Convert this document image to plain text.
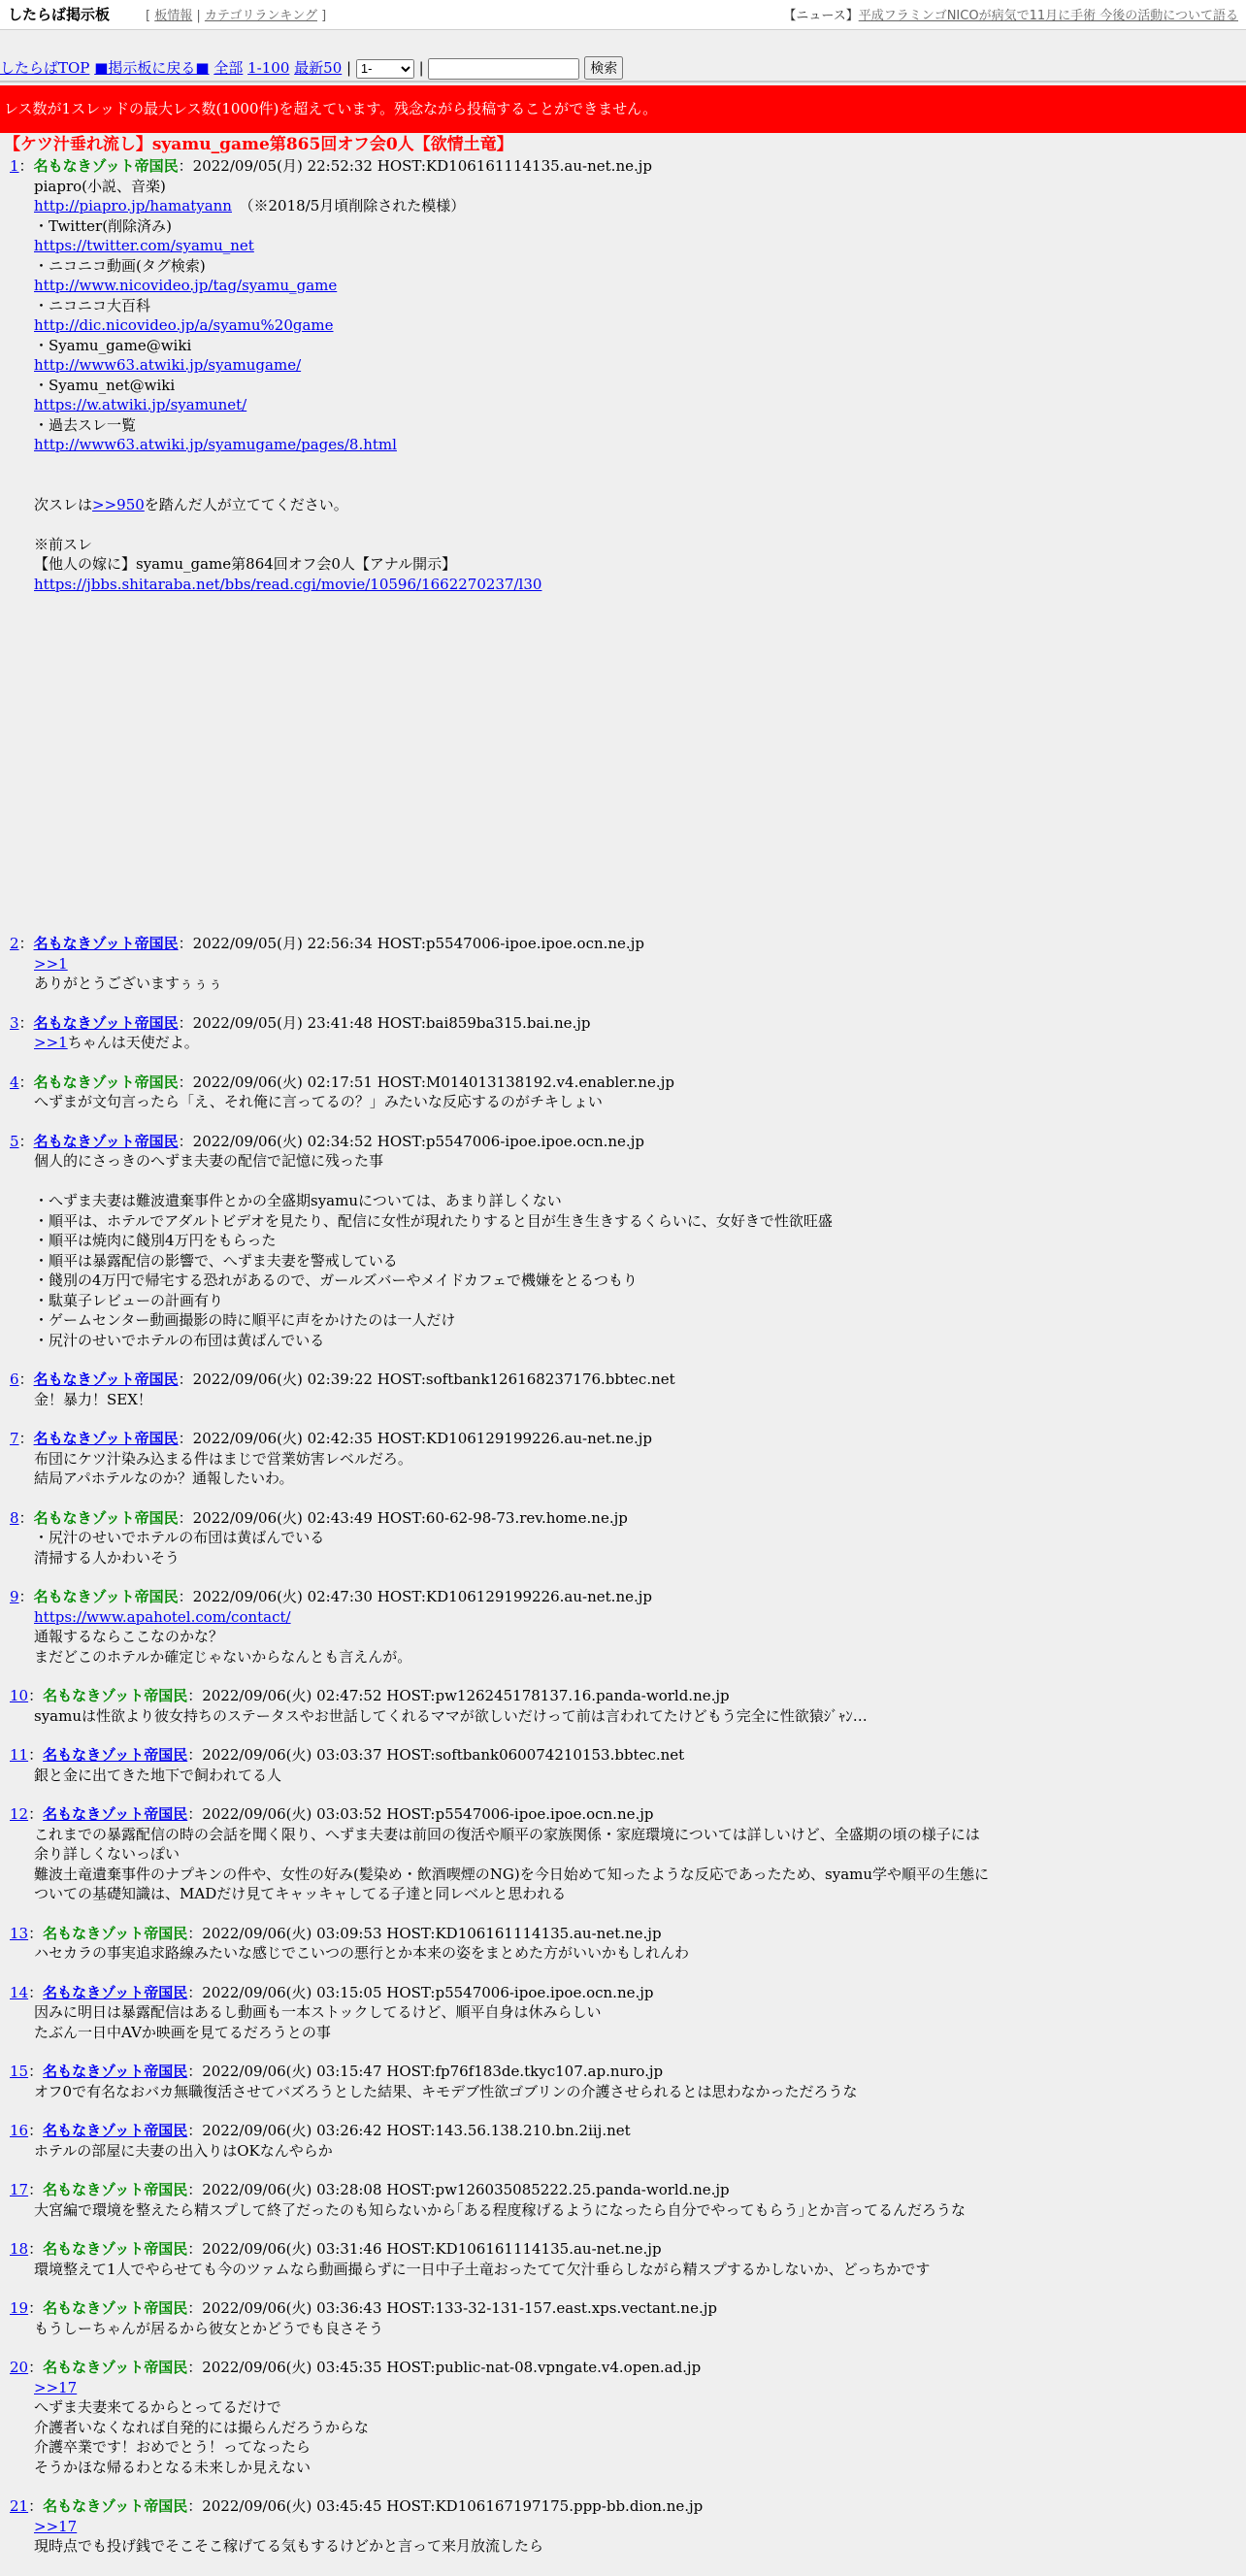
したらば掲示板	[ 板情報 | カテゴリランキング ]	【ニュース】平成フラミンゴNICOが病気で11月に手術 今後の活動について語る
したらばTOP ■掲示板に戻る■ 全部 1-100 最新50 |
1-	|	検索
レス数が1スレッドの最大レス数(1000件)を超えています。残念ながら投稿することができません。
【ケツ汁垂れ流し】syamu_game第865回オフ会0人【欲情土竜】
1：名もなきゾット帝国民：2022/09/05(月) 22:52:32 HOST:KD106161114135.au-net.ne.jp
piapro(小説、音楽)
http://piapro.jp/hamatyann　（※2018/5月頃削除された模様）
・Twitter(削除済み)
https://twitter.com/syamu_net
・ニコニコ動画(タグ検索)
http://www.nicovideo.jp/tag/syamu_game
・ニコニコ大百科
http://dic.nicovideo.jp/a/syamu%20game
・Syamu_game@wiki
http://www63.atwiki.jp/syamugame/
・Syamu_net@wiki
https://w.atwiki.jp/syamunet/
・過去スレ一覧
http://www63.atwiki.jp/syamugame/pages/8.html
次スレは>>950を踏んだ人が立ててください。
※前スレ
【他人の嫁に】syamu_game第864回オフ会0人【アナル開示】
https://jbbs.shitaraba.net/bbs/read.cgi/movie/10596/1662270237/l30
2：名もなきゾット帝国民：2022/09/05(月) 22:56:34 HOST:p5547006-ipoe.ipoe.ocn.ne.jp
>>1
ありがとうございますぅぅぅ
3：名もなきゾット帝国民：2022/09/05(月) 23:41:48 HOST:bai859ba315.bai.ne.jp
>>1ちゃんは天使だよ。
4：名もなきゾット帝国民：2022/09/06(火) 02:17:51 HOST:M014013138192.v4.enabler.ne.jp
へずまが文句言ったら「え、それ俺に言ってるの？」みたいな反応するのがチキしょい
5：名もなきゾット帝国民：2022/09/06(火) 02:34:52 HOST:p5547006-ipoe.ipoe.ocn.ne.jp
個人的にさっきのへずま夫妻の配信で記憶に残った事
・へずま夫妻は難波遺棄事件とかの全盛期syamuについては、あまり詳しくない
・順平は、ホテルでアダルトビデオを見たり、配信に女性が現れたりすると目が生き生きするくらいに、女好きで性欲旺盛
・順平は焼肉に餞別4万円をもらった
・順平は暴露配信の影響で、へずま夫妻を警戒している
・餞別の4万円で帰宅する恐れがあるので、ガールズバーやメイドカフェで機嫌をとるつもり
・駄菓子レビューの計画有り
・ゲームセンター動画撮影の時に順平に声をかけたのは一人だけ
・尻汁のせいでホテルの布団は黄ばんでいる
6：名もなきゾット帝国民：2022/09/06(火) 02:39:22 HOST:softbank126168237176.bbtec.net
金！暴力！SEX！
7：名もなきゾット帝国民：2022/09/06(火) 02:42:35 HOST:KD106129199226.au-net.ne.jp
布団にケツ汁染み込まる件はまじで営業妨害レベルだろ。
結局アパホテルなのか？通報したいわ。
8：名もなきゾット帝国民：2022/09/06(火) 02:43:49 HOST:60-62-98-73.rev.home.ne.jp
・尻汁のせいでホテルの布団は黄ばんでいる
清掃する人かわいそう
9：名もなきゾット帝国民：2022/09/06(火) 02:47:30 HOST:KD106129199226.au-net.ne.jp
https://www.apahotel.com/contact/
通報するならここなのかな？
まだどこのホテルか確定じゃないからなんとも言えんが。
10：名もなきゾット帝国民：2022/09/06(火) 02:47:52 HOST:pw126245178137.16.panda-world.ne.jp
syamuは性欲より彼女持ちのステータスやお世話してくれるママが欲しいだけって前は言われてたけどもう完全に性欲猿ｼﾞｬﾝ…
11：名もなきゾット帝国民：2022/09/06(火) 03:03:37 HOST:softbank060074210153.bbtec.net
銀と金に出てきた地下で飼われてる人
12：名もなきゾット帝国民：2022/09/06(火) 03:03:52 HOST:p5547006-ipoe.ipoe.ocn.ne.jp
これまでの暴露配信の時の会話を聞く限り、へずま夫妻は前回の復活や順平の家族関係・家庭環境については詳しいけど、全盛期の頃の様子には
余り詳しくないっぽい
難波土竜遺棄事件のナプキンの件や、女性の好み(髪染め・飲酒喫煙のNG)を今日始めて知ったような反応であったため、syamu学や順平の生態に
ついての基礎知識は、MADだけ見てキャッキャしてる子達と同レベルと思われる
13：名もなきゾット帝国民：2022/09/06(火) 03:09:53 HOST:KD106161114135.au-net.ne.jp
ハセカラの事実追求路線みたいな感じでこいつの悪行とか本来の姿をまとめた方がいいかもしれんわ
14：名もなきゾット帝国民：2022/09/06(火) 03:15:05 HOST:p5547006-ipoe.ipoe.ocn.ne.jp
因みに明日は暴露配信はあるし動画も一本ストックしてるけど、順平自身は休みらしい
たぶん一日中AVか映画を見てるだろうとの事
15：名もなきゾット帝国民：2022/09/06(火) 03:15:47 HOST:fp76f183de.tkyc107.ap.nuro.jp
オフ0で有名なおバカ無職復活させてバズろうとした結果、キモデブ性欲ゴブリンの介護させられるとは思わなかっただろうな
16：名もなきゾット帝国民：2022/09/06(火) 03:26:42 HOST:143.56.138.210.bn.2iij.net
ホテルの部屋に夫妻の出入りはOKなんやらか
17：名もなきゾット帝国民：2022/09/06(火) 03:28:08 HOST:pw126035085222.25.panda-world.ne.jp
大宮編で環境を整えたら精スプして終了だったのも知らないから｢ある程度稼げるようになったら自分でやってもらう｣とか言ってるんだろうな
18：名もなきゾット帝国民：2022/09/06(火) 03:31:46 HOST:KD106161114135.au-net.ne.jp
環境整えて1人でやらせても今のツァムなら動画撮らずに一日中子土竜おったてて欠汁垂らしながら精スプするかしないか、どっちかです
19：名もなきゾット帝国民：2022/09/06(火) 03:36:43 HOST:133-32-131-157.east.xps.vectant.ne.jp
もうしーちゃんが居るから彼女とかどうでも良さそう
20：名もなきゾット帝国民：2022/09/06(火) 03:45:35 HOST:public-nat-08.vpngate.v4.open.ad.jp
>>17
へずま夫妻来てるからとってるだけで
介護者いなくなれば自発的には撮らんだろうからな
介護卒業です！おめでとう！ってなったら
そうかほな帰るわとなる未来しか見えない
21：名もなきゾット帝国民：2022/09/06(火) 03:45:45 HOST:KD106167197175.ppp-bb.dion.ne.jp
>>17
現時点でも投げ銭でそこそこ稼げてる気もするけどかと言って来月放流したら
